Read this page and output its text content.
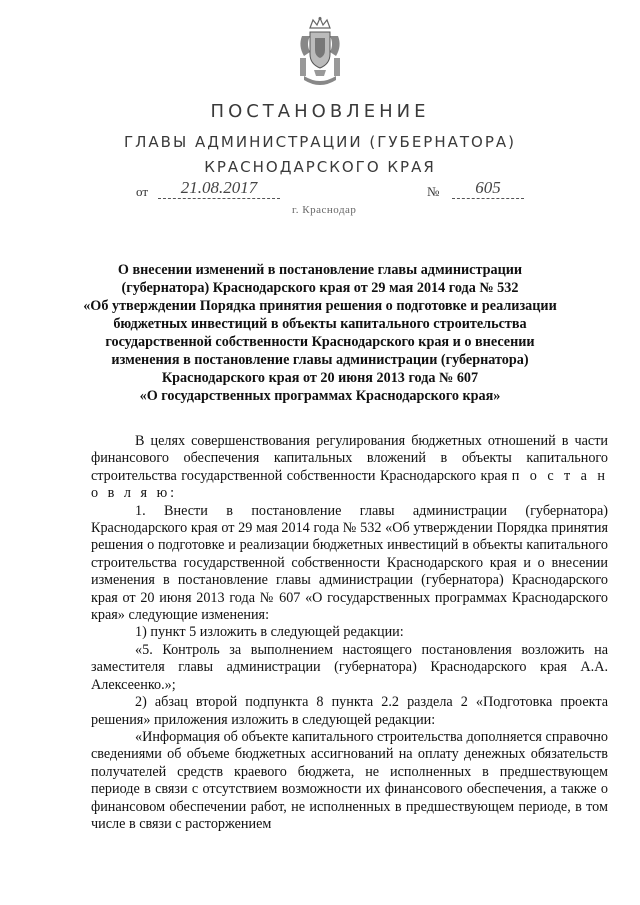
ПОСТАНОВЛЕНИЕ
ГЛАВЫ АДМИНИСТРАЦИИ (ГУБЕРНАТОРА)
КРАСНОДАРСКОГО КРАЯ
от	21.08.2017	№	605
г. Краснодар
О внесении изменений в постановление главы администрации
(губернатора) Краснодарского края от 29 мая 2014 года № 532
«Об утверждении Порядка принятия решения о подготовке и реализации
бюджетных инвестиций в объекты капитального строительства
государственной собственности Краснодарского края и о внесении
изменения в постановление главы администрации (губернатора)
Краснодарского края от 20 июня 2013 года № 607
«О государственных программах Краснодарского края»

В целях совершенствования регулирования бюджетных отношений в части финансового обеспечения капитальных вложений в объекты капитального строительства государственной собственности Краснодарского края п о с т а н о в л я ю:

1. Внести в постановление главы администрации (губернатора) Краснодарского края от 29 мая 2014 года № 532 «Об утверждении Порядка принятия решения о подготовке и реализации бюджетных инвестиций в объекты капитального строительства государственной собственности Краснодарского края и о внесении изменения в постановление главы администрации (губернатора) Краснодарского края от 20 июня 2013 года № 607 «О государственных программах Краснодарского края» следующие изменения:

1) пункт 5 изложить в следующей редакции:

«5. Контроль за выполнением настоящего постановления возложить на заместителя главы администрации (губернатора) Краснодарского края А.А. Алексеенко.»;

2) абзац второй подпункта 8 пункта 2.2 раздела 2 «Подготовка проекта решения» приложения изложить в следующей редакции:

«Информация об объекте капитального строительства дополняется справочно сведениями об объеме бюджетных ассигнований на оплату денежных обязательств получателей средств краевого бюджета, не исполненных в предшествующем периоде в связи с отсутствием возможности их финансового обеспечения, а также о финансовом обеспечении работ, не исполненных в предшествующем периоде, в том числе в связи с расторжением
